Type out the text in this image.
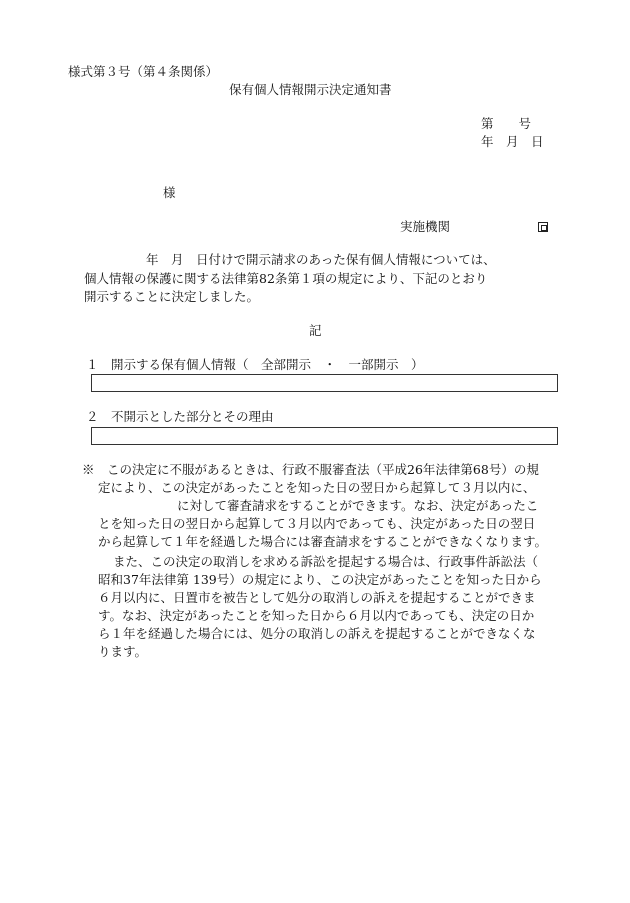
様式第３号（第４条関係）
保有個人情報開示決定通知書
第　　号
年　月　日
様
実施機関
年　月　日付けで開示請求のあった保有個人情報については、
個人情報の保護に関する法律第82条第１項の規定により、下記のとおり
開示することに決定しました。
記
１　開示する保有個人情報（　全部開示　・　一部開示　）
２　不開示とした部分とその理由
※　この決定に不服があるときは、行政不服審査法（平成26年法律第68号）の規
定により、この決定があったことを知った日の翌日から起算して３月以内に、
に対して審査請求をすることができます。なお、決定があったこ
とを知った日の翌日から起算して３月以内であっても、決定があった日の翌日
から起算して１年を経過した場合には審査請求をすることができなくなります。
また、この決定の取消しを求める訴訟を提起する場合は、行政事件訴訟法（
昭和37年法律第 139号）の規定により、この決定があったことを知った日から
６月以内に、日置市を被告として処分の取消しの訴えを提起することができま
す。なお、決定があったことを知った日から６月以内であっても、決定の日か
ら１年を経過した場合には、処分の取消しの訴えを提起することができなくな
ります。
